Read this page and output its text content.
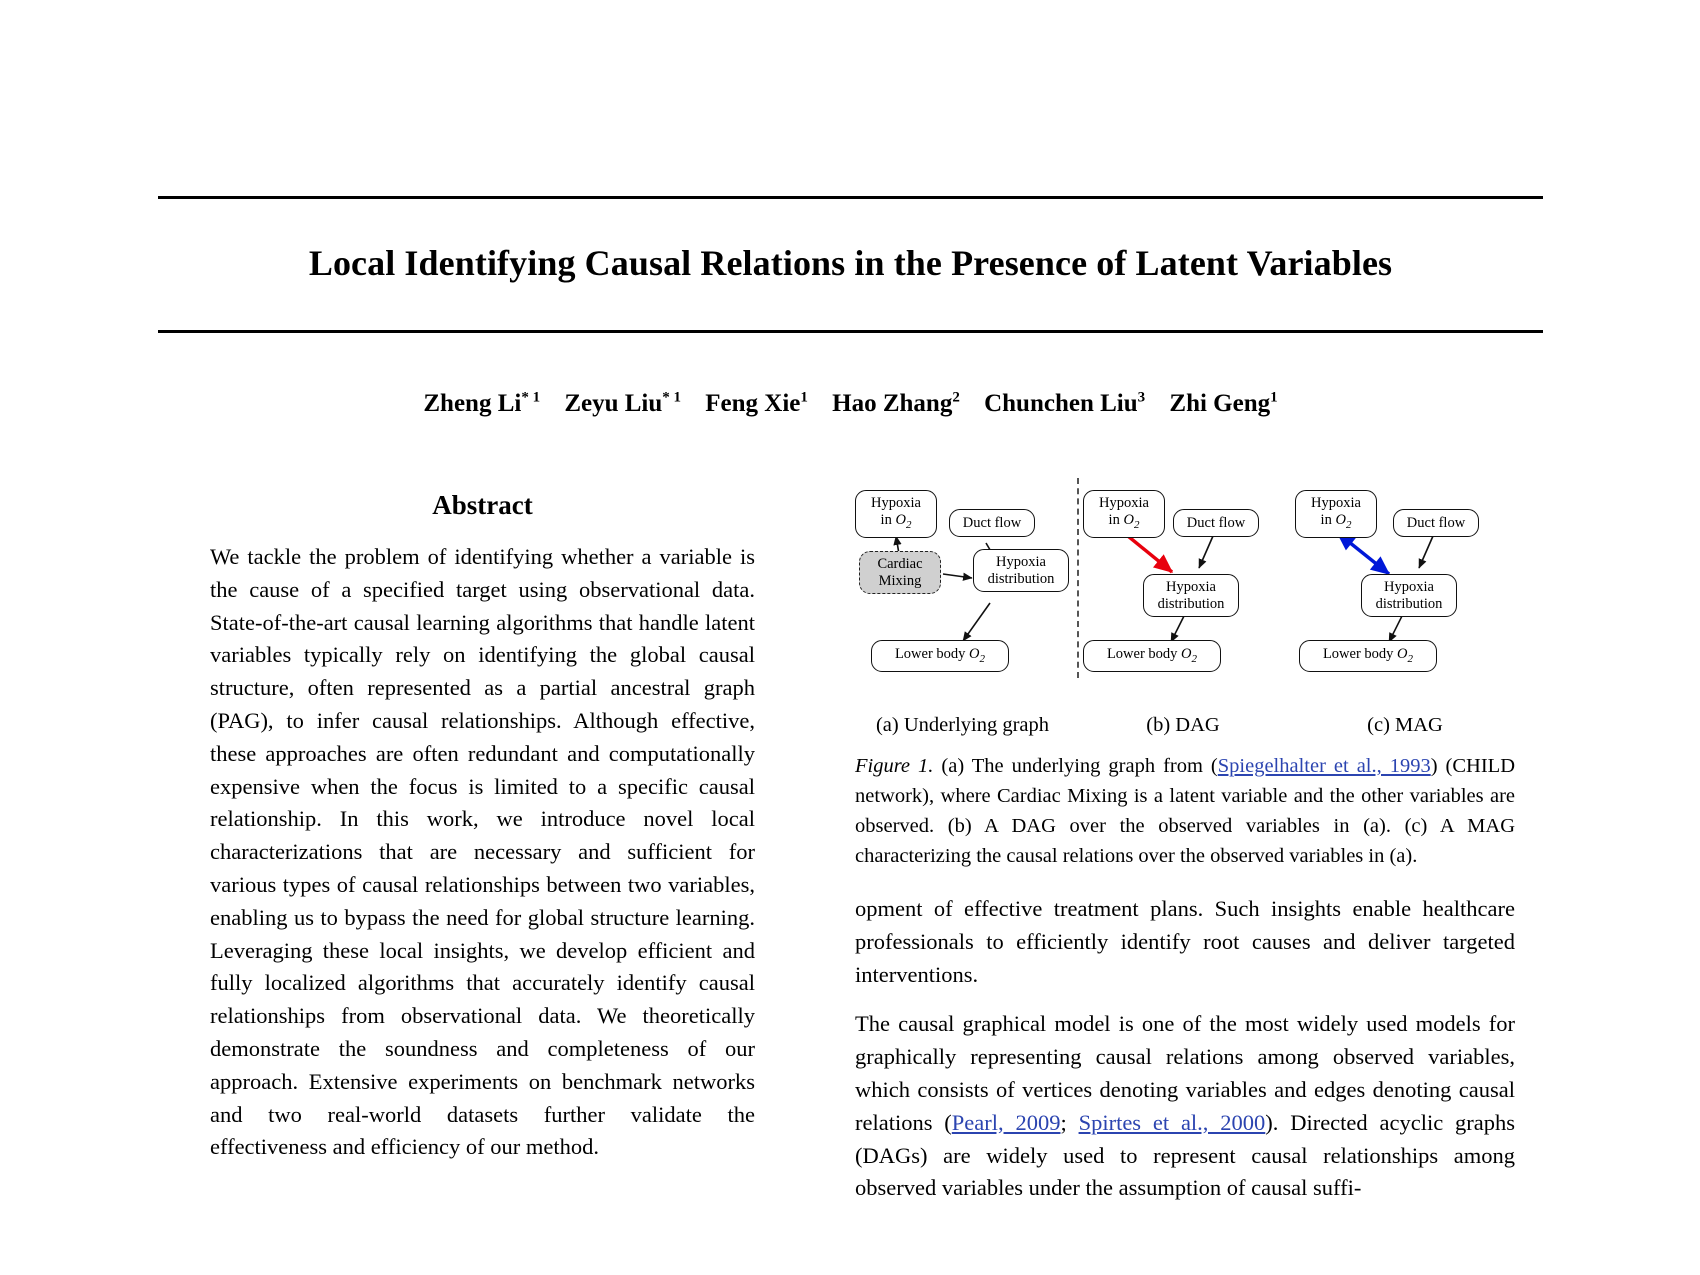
Local Identifying Causal Relations in the Presence of Latent Variables
Zheng Li$^{* 1}$ Zeyu Liu$^{* 1}$ Feng Xie$^1$ Hao Zhang$^2$ Chunchen Liu$^3$ Zhi Geng$^1$
Abstract

We tackle the problem of identifying whether a variable is the cause of a specified target using observational data. State-of-the-art causal learning algorithms that handle latent variables typically rely on identifying the global causal structure, often represented as a partial ancestral graph (PAG), to infer causal relationships. Although effective, these approaches are often redundant and computationally expensive when the focus is limited to a specific causal relationship. In this work, we introduce novel local characterizations that are necessary and sufficient for various types of causal relationships between two variables, enabling us to bypass the need for global structure learning. Leveraging these local insights, we develop efficient and fully localized algorithms that accurately identify causal relationships from observational data. We theoretically demonstrate the soundness and completeness of our approach. Extensive experiments on benchmark networks and two real-world datasets further validate the effectiveness and efficiency of our method.

Hypoxia
in $O_2$	Duct flow
Cardiac
Mixing
Hypoxia
distribution
Lower body $O_2$
(a) Underlying graph
Hypoxia
in $O_2$	Duct flow
Hypoxia
distribution
Lower body $O_2$
(b) DAG
Hypoxia
in $O_2$	Duct flow
Hypoxia
distribution
Lower body $O_2$
(c) MAG

Figure 1. (a) The underlying graph from (Spiegelhalter et al., 1993) (CHILD network), where Cardiac Mixing is a latent variable and the other variables are observed. (b) A DAG over the observed variables in (a). (c) A MAG characterizing the causal relations over the observed variables in (a).

opment of effective treatment plans. Such insights enable healthcare professionals to efficiently identify root causes and deliver targeted interventions.

The causal graphical model is one of the most widely used models for graphically representing causal relations among observed variables, which consists of vertices denoting variables and edges denoting causal relations (Pearl, 2009; Spirtes et al., 2000). Directed acyclic graphs (DAGs) are widely used to represent causal relationships among observed variables under the assumption of causal suffi-
